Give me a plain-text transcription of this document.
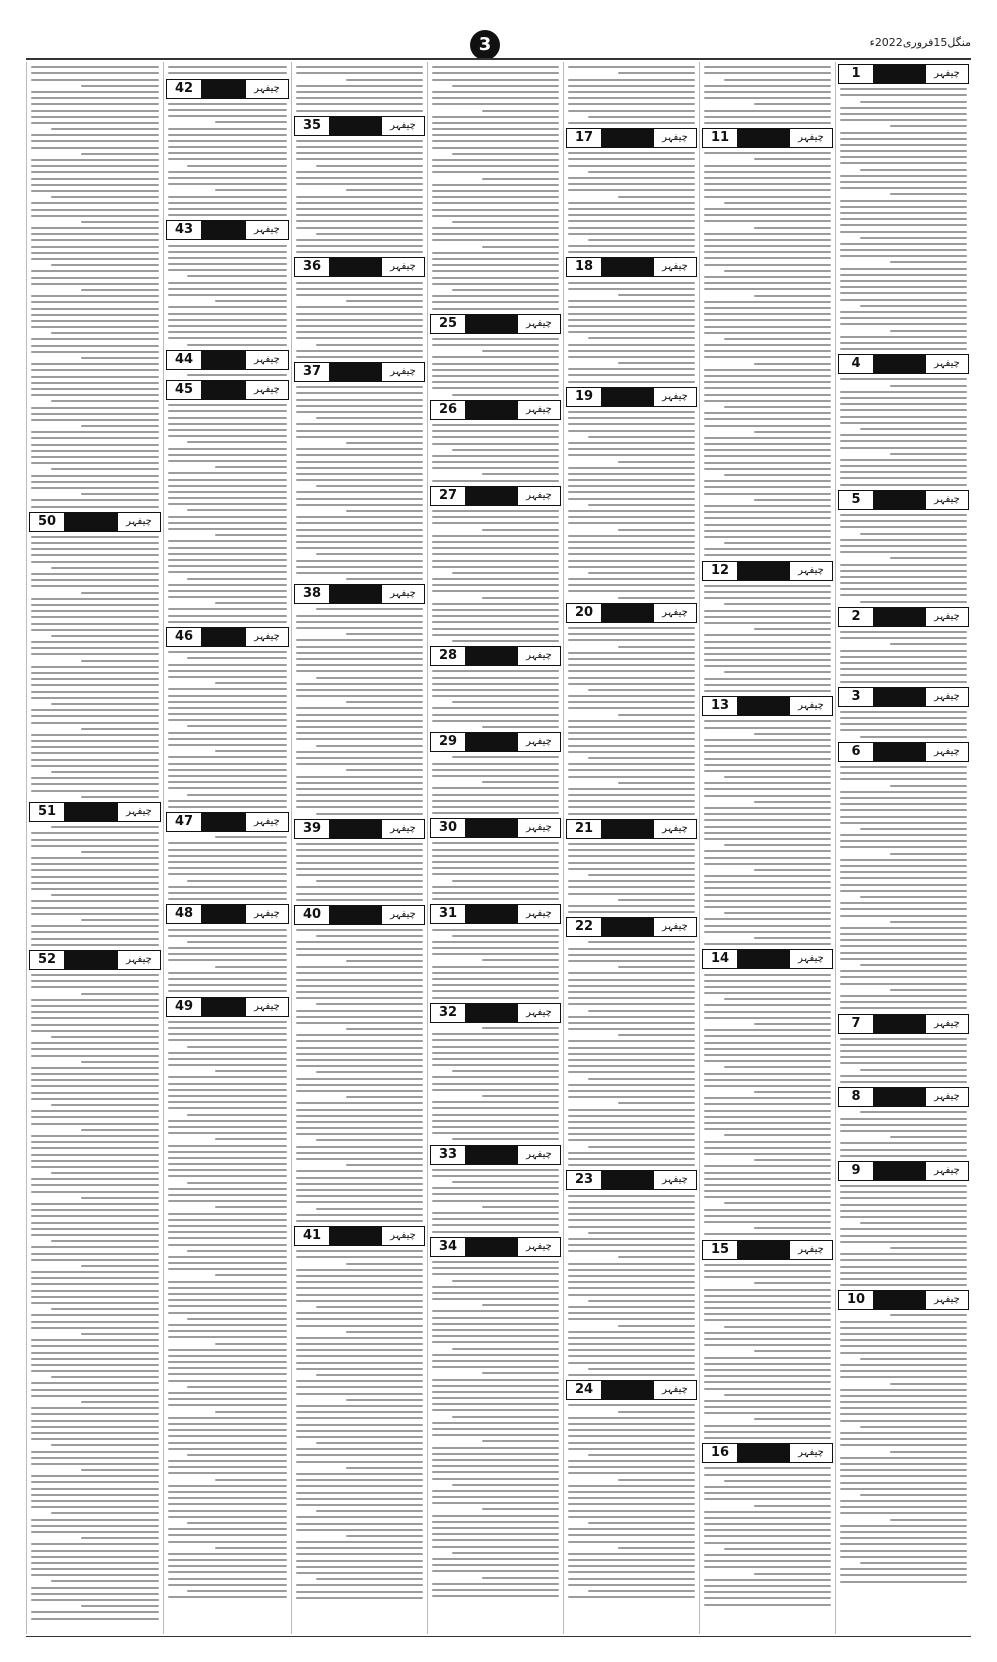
منگل15فروری2022ء
3
1	چیفہر
4	چیفہر
5	چیفہر
2	چیفہر
3	چیفہر
6	چیفہر
7	چیفہر
8	چیفہر
9	چیفہر
10	چیفہر
11	چیفہر
12	چیفہر
13	چیفہر
14	چیفہر
15	چیفہر
16	چیفہر
17	چیفہر
18	چیفہر
19	چیفہر
20	چیفہر
21	چیفہر
22	چیفہر
23	چیفہر
24	چیفہر
25	چیفہر
26	چیفہر
27	چیفہر
28	چیفہر
29	چیفہر
30	چیفہر
31	چیفہر
32	چیفہر
33	چیفہر
34	چیفہر
35	چیفہر
36	چیفہر
37	چیفہر
38	چیفہر
39	چیفہر
40	چیفہر
41	چیفہر
42	چیفہر
43	چیفہر
44	چیفہر
45	چیفہر
46	چیفہر
47	چیفہر
48	چیفہر
49	چیفہر
50	چیفہر
51	چیفہر
52	چیفہر
